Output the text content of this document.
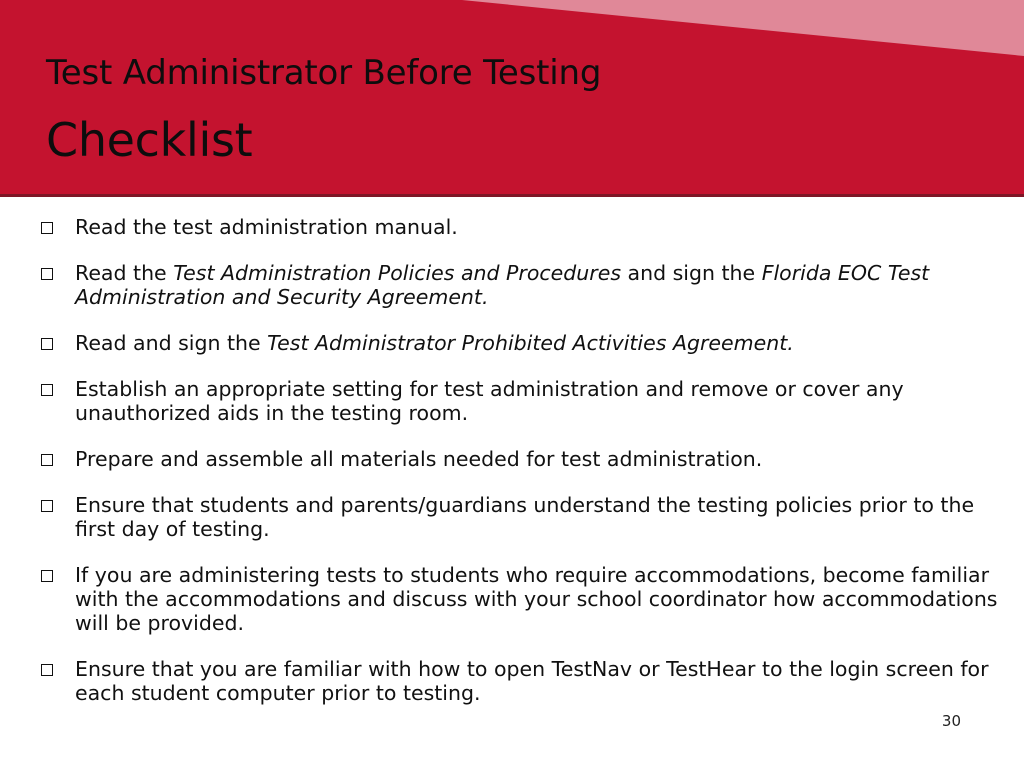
Test Administrator Before Testing
Checklist
Read the test administration manual.
Read the Test Administration Policies and Procedures and sign the Florida EOC Test Administration and Security Agreement.
Read and sign the Test Administrator Prohibited Activities Agreement.
Establish an appropriate setting for test administration and remove or cover any unauthorized aids in the testing room.
Prepare and assemble all materials needed for test administration.
Ensure that students and parents/guardians understand the testing policies prior to the first day of testing.
If you are administering tests to students who require accommodations, become familiar with the accommodations and discuss with your school coordinator how accommodations will be provided.
Ensure that you are familiar with how to open TestNav or TestHear to the login screen for each student computer prior to testing.
30
